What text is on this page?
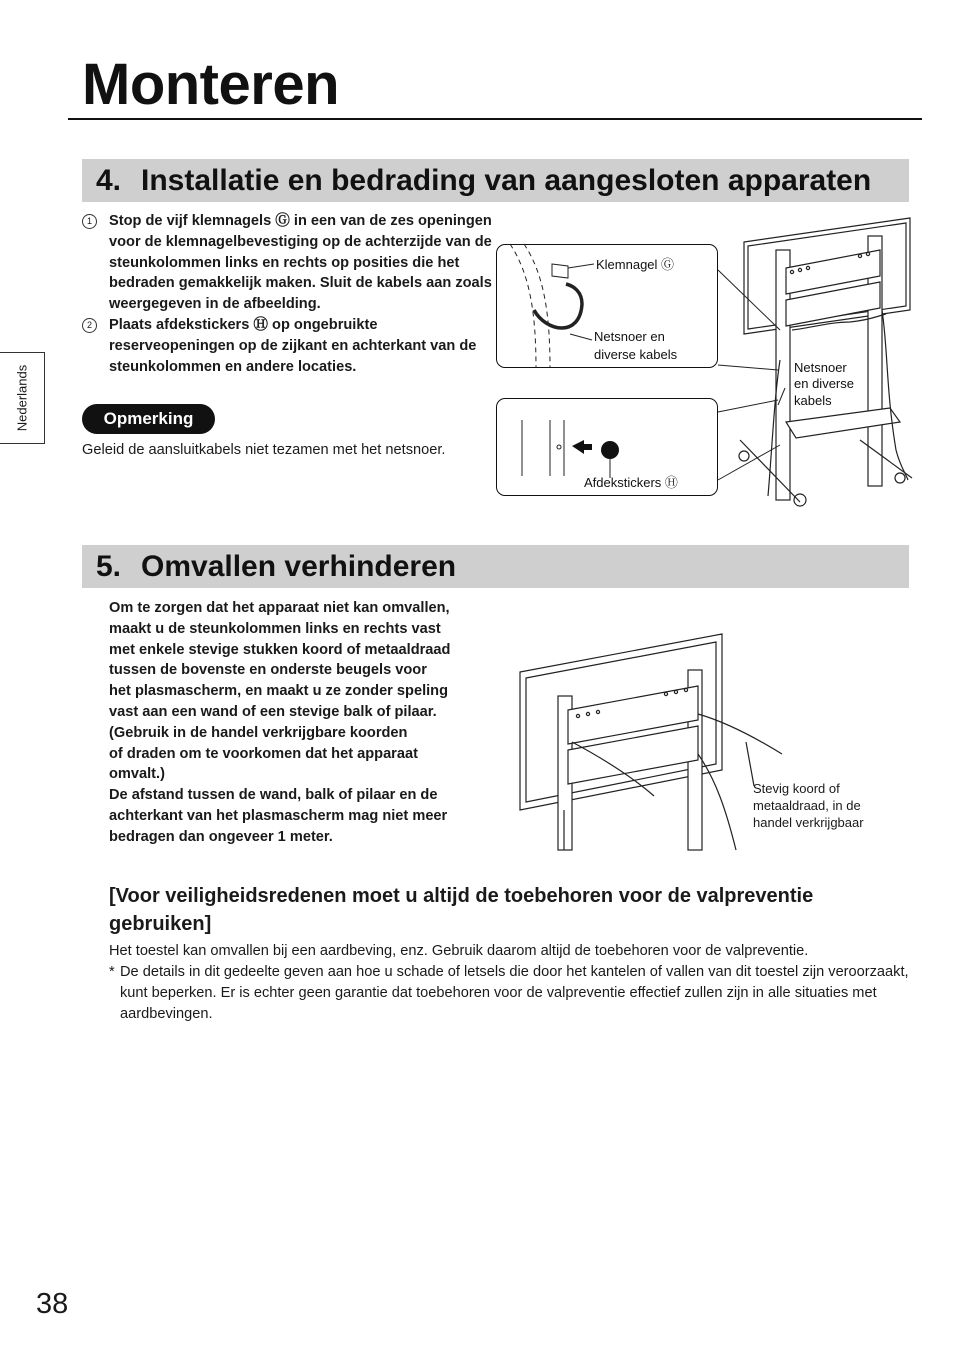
Monteren
Nederlands
4. Installatie en bedrading van aangesloten apparaten
1	Stop de vijf klemnagels Ⓖ in een van de zes openingen voor de klemnagelbevestiging op de achterzijde van de steunkolommen links en rechts op posities die het bedraden gemakkelijk maken. Sluit de kabels aan zoals weergegeven in de afbeelding.
2	Plaats afdekstickers Ⓗ op ongebruikte reserveopeningen op de zijkant en achterkant van de steunkolommen en andere locaties.
Opmerking
Geleid de aansluitkabels niet tezamen met het netsnoer.
Klemnagel Ⓖ
Netsnoer en
diverse kabels
Netsnoer
en diverse
kabels
Afdekstickers Ⓗ
5. Omvallen verhinderen
Om te zorgen dat het apparaat niet kan omvallen,
maakt u de steunkolommen links en rechts vast
met enkele stevige stukken koord of metaaldraad
tussen de bovenste en onderste beugels voor
het plasmascherm, en maakt u ze zonder speling
vast aan een wand of een stevige balk of pilaar.
(Gebruik in de handel verkrijgbare koorden
of draden om te voorkomen dat het apparaat
omvalt.)
De afstand tussen de wand, balk of pilaar en de
achterkant van het plasmascherm mag niet meer
bedragen dan ongeveer 1 meter.
Stevig koord of
metaaldraad, in de
handel verkrijgbaar
[Voor veiligheidsredenen moet u altijd de toebehoren voor de valpreventie gebruiken]
Het toestel kan omvallen bij een aardbeving, enz. Gebruik daarom altijd de toebehoren voor de valpreventie.
* De details in dit gedeelte geven aan hoe u schade of letsels die door het kantelen of vallen van dit toestel zijn veroorzaakt, kunt beperken. Er is echter geen garantie dat toebehoren voor de valpreventie effectief zullen zijn in alle situaties met aardbevingen.
38
